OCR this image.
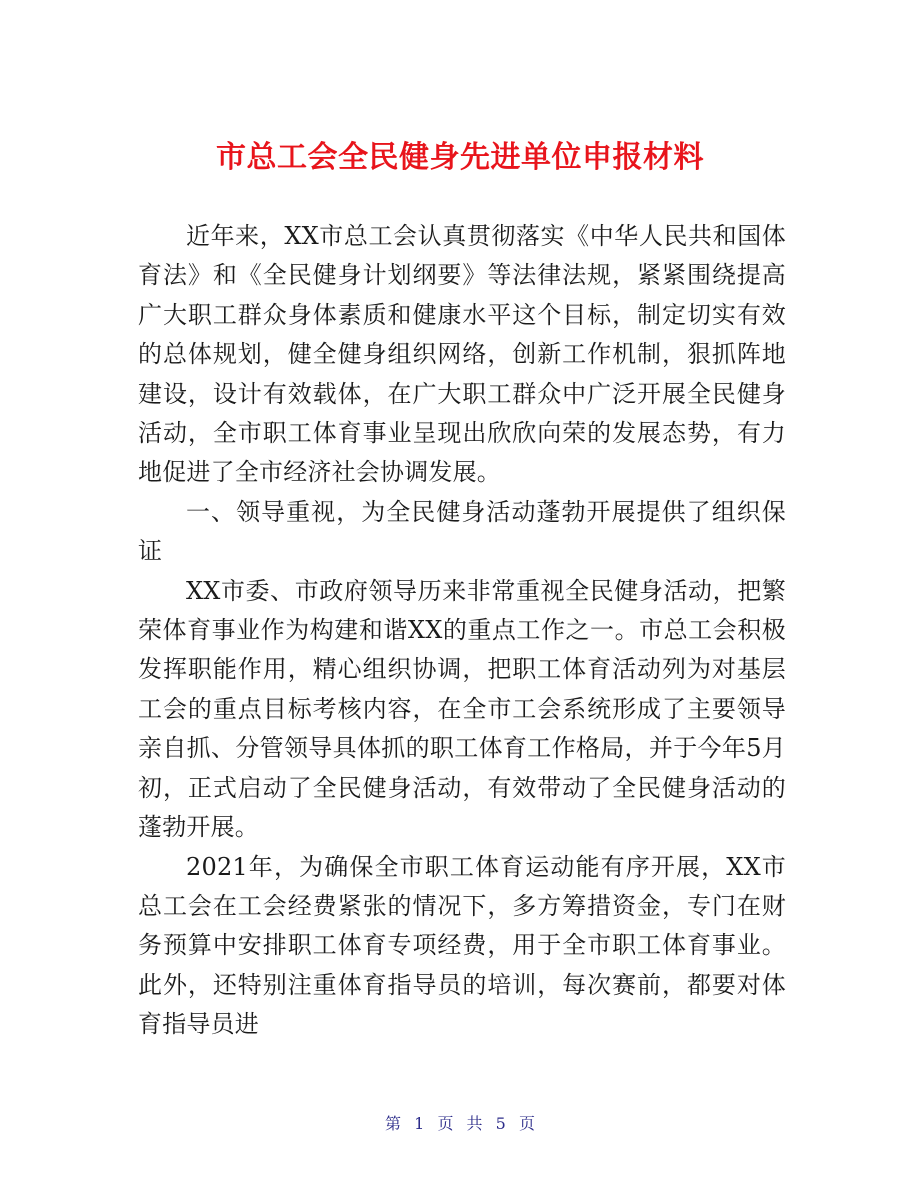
市总工会全民健身先进单位申报材料

近年来，XX市总工会认真贯彻落实《中华人民共和国体育法》和《全民健身计划纲要》等法律法规，紧紧围绕提高广大职工群众身体素质和健康水平这个目标，制定切实有效的总体规划，健全健身组织网络，创新工作机制，狠抓阵地建设，设计有效载体，在广大职工群众中广泛开展全民健身活动，全市职工体育事业呈现出欣欣向荣的发展态势，有力地促进了全市经济社会协调发展。

一、领导重视，为全民健身活动蓬勃开展提供了组织保证

XX市委、市政府领导历来非常重视全民健身活动，把繁荣体育事业作为构建和谐XX的重点工作之一。市总工会积极发挥职能作用，精心组织协调，把职工体育活动列为对基层工会的重点目标考核内容，在全市工会系统形成了主要领导亲自抓、分管领导具体抓的职工体育工作格局，并于今年5月初，正式启动了全民健身活动，有效带动了全民健身活动的蓬勃开展。

2021年，为确保全市职工体育运动能有序开展，XX市总工会在工会经费紧张的情况下，多方筹措资金，专门在财务预算中安排职工体育专项经费，用于全市职工体育事业。此外，还特别注重体育指导员的培训，每次赛前，都要对体育指导员进

第 1 页 共 5 页
